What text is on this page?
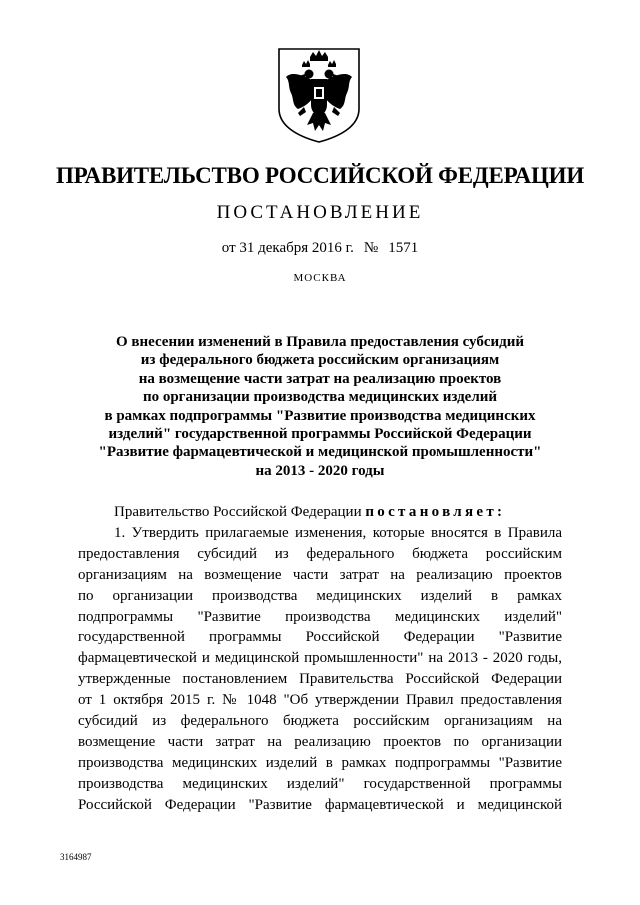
ПРАВИТЕЛЬСТВО РОССИЙСКОЙ ФЕДЕРАЦИИ
ПОСТАНОВЛЕНИЕ
от 31 декабря 2016 г. № 1571
МОСКВА
О внесении изменений в Правила предоставления субсидий
из федерального бюджета российским организациям
на возмещение части затрат на реализацию проектов
по организации производства медицинских изделий
в рамках подпрограммы "Развитие производства медицинских
изделий" государственной программы Российской Федерации
"Развитие фармацевтической и медицинской промышленности"
на 2013 - 2020 годы
Правительство Российской Федерации постановляет:
1. Утвердить прилагаемые изменения, которые вносятся в Правила
предоставления субсидий из федерального бюджета российским
организациям на возмещение части затрат на реализацию проектов
по организации производства медицинских изделий в рамках
подпрограммы "Развитие производства медицинских изделий"
государственной программы Российской Федерации "Развитие
фармацевтической и медицинской промышленности" на 2013 - 2020 годы,
утвержденные постановлением Правительства Российской Федерации
от 1 октября 2015 г. № 1048 "Об утверждении Правил предоставления
субсидий из федерального бюджета российским организациям на
возмещение части затрат на реализацию проектов по организации
производства медицинских изделий в рамках подпрограммы "Развитие
производства медицинских изделий" государственной программы
Российской Федерации "Развитие фармацевтической и медицинской
3164987
